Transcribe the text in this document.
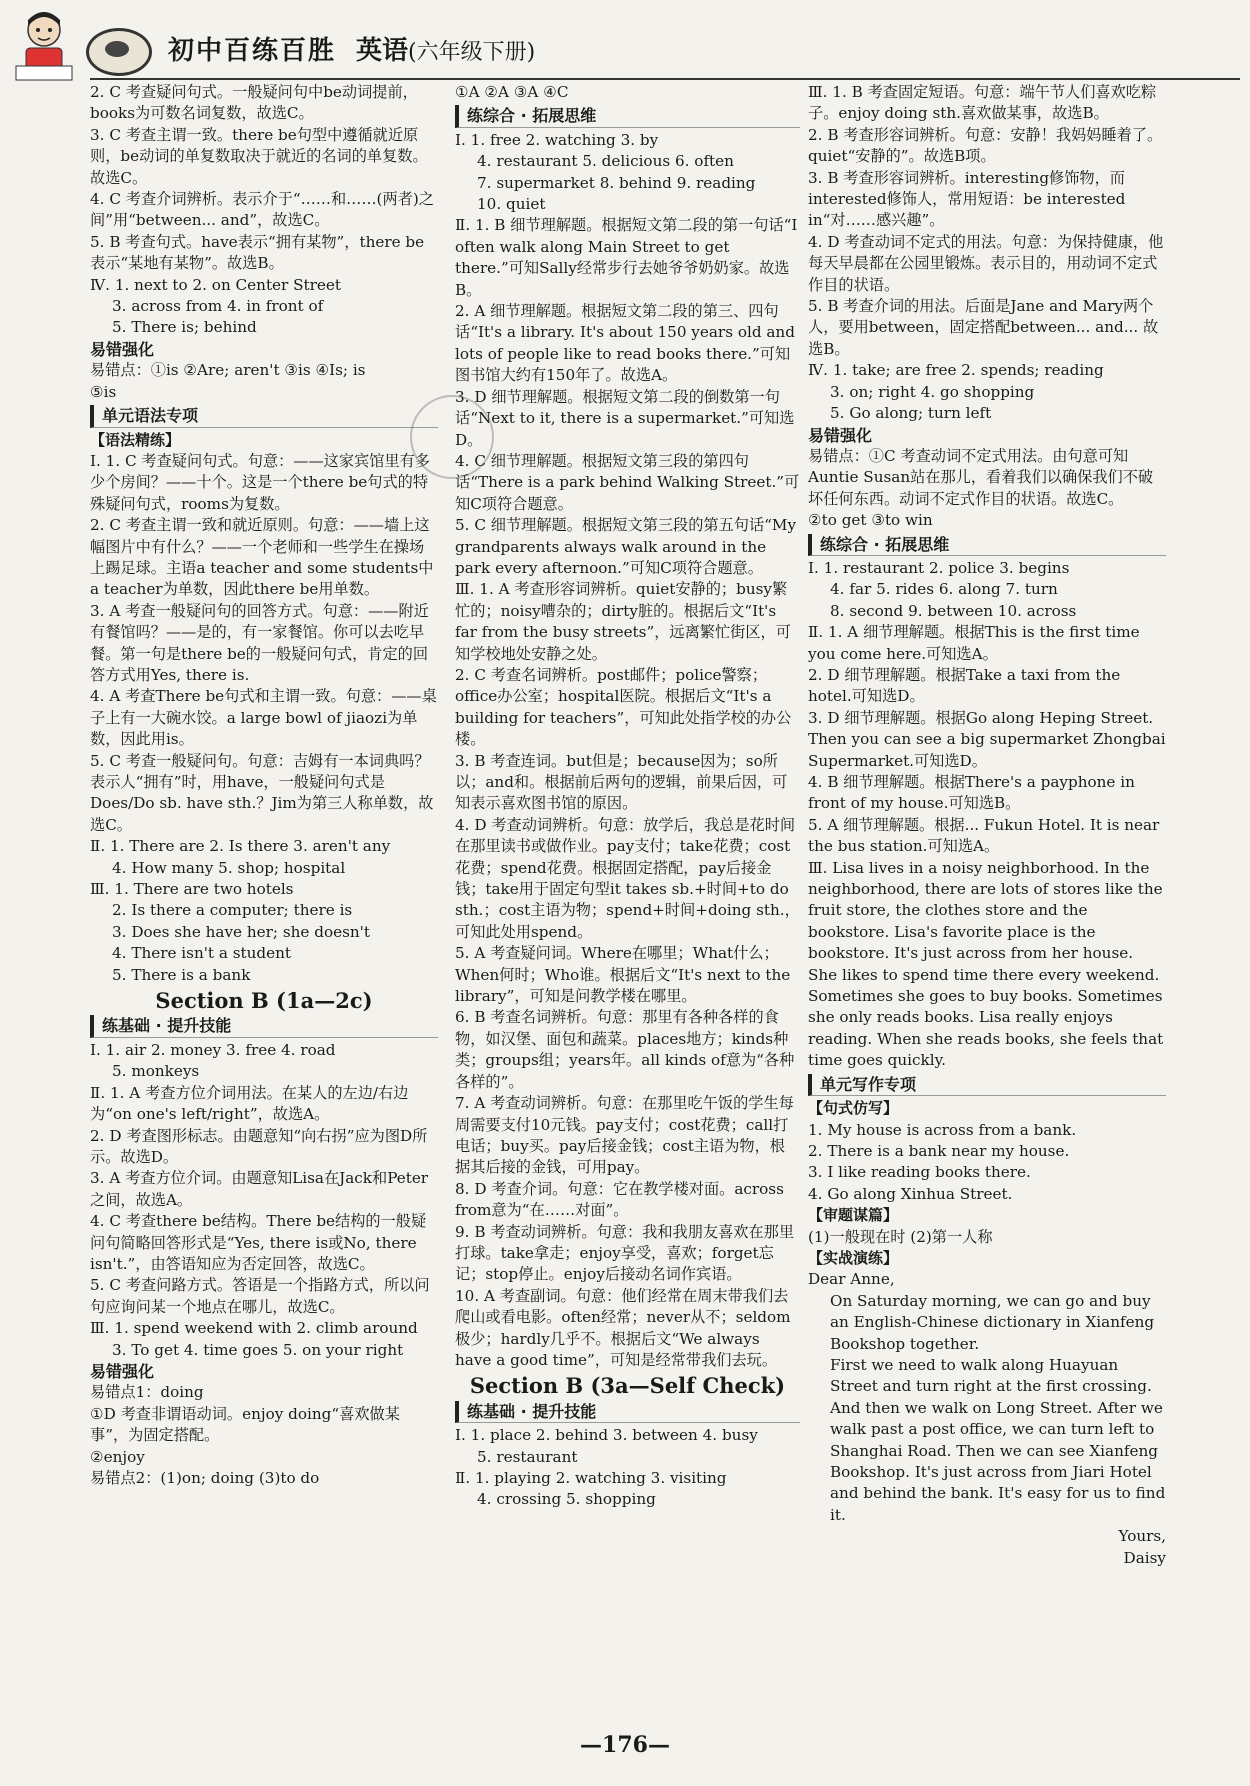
初中百练百胜 英语(六年级下册)

2. C 考查疑问句式。一般疑问句中be动词提前，books为可数名词复数，故选C。

3. C 考查主谓一致。there be句型中遵循就近原则，be动词的单复数取决于就近的名词的单复数。故选C。

4. C 考查介词辨析。表示介于“……和……(两者)之间”用“between... and”，故选C。

5. B 考查句式。have表示“拥有某物”，there be表示“某地有某物”。故选B。

Ⅳ. 1. next to 2. on Center Street

3. across from 4. in front of

5. There is; behind

易错强化

易错点：①is ②Are; aren't ③is ④Is; is

⑤is

单元语法专项

【语法精练】

Ⅰ. 1. C 考查疑问句式。句意：——这家宾馆里有多少个房间？——十个。这是一个there be句式的特殊疑问句式，rooms为复数。

2. C 考查主谓一致和就近原则。句意：——墙上这幅图片中有什么？——一个老师和一些学生在操场上踢足球。主语a teacher and some students中a teacher为单数，因此there be用单数。

3. A 考查一般疑问句的回答方式。句意：——附近有餐馆吗？——是的，有一家餐馆。你可以去吃早餐。第一句是there be的一般疑问句式，肯定的回答方式用Yes, there is.

4. A 考查There be句式和主谓一致。句意：——桌子上有一大碗水饺。a large bowl of jiaozi为单数，因此用is。

5. C 考查一般疑问句。句意：吉姆有一本词典吗？表示人“拥有”时，用have，一般疑问句式是Does/Do sb. have sth.？Jim为第三人称单数，故选C。

Ⅱ. 1. There are 2. Is there 3. aren't any

4. How many 5. shop; hospital

Ⅲ. 1. There are two hotels

2. Is there a computer; there is

3. Does she have her; she doesn't

4. There isn't a student

5. There is a bank

Section B (1a—2c)

练基础 · 提升技能

Ⅰ. 1. air 2. money 3. free 4. road

5. monkeys

Ⅱ. 1. A 考查方位介词用法。在某人的左边/右边为“on one's left/right”，故选A。

2. D 考查图形标志。由题意知“向右拐”应为图D所示。故选D。

3. A 考查方位介词。由题意知Lisa在Jack和Peter之间，故选A。

4. C 考查there be结构。There be结构的一般疑问句简略回答形式是“Yes, there is或No, there isn't.”，由答语知应为否定回答，故选C。

5. C 考查问路方式。答语是一个指路方式，所以问句应询问某一个地点在哪儿，故选C。

Ⅲ. 1. spend weekend with 2. climb around

3. To get 4. time goes 5. on your right

易错强化

易错点1：doing

①D 考查非谓语动词。enjoy doing“喜欢做某事”，为固定搭配。

②enjoy

易错点2：(1)on; doing (3)to do

①A ②A ③A ④C

练综合 · 拓展思维

Ⅰ. 1. free 2. watching 3. by

4. restaurant 5. delicious 6. often

7. supermarket 8. behind 9. reading

10. quiet

Ⅱ. 1. B 细节理解题。根据短文第二段的第一句话“I often walk along Main Street to get there.”可知Sally经常步行去她爷爷奶奶家。故选B。

2. A 细节理解题。根据短文第二段的第三、四句话“It's a library. It's about 150 years old and lots of people like to read books there.”可知图书馆大约有150年了。故选A。

3. D 细节理解题。根据短文第二段的倒数第一句话“Next to it, there is a supermarket.”可知选D。

4. C 细节理解题。根据短文第三段的第四句话“There is a park behind Walking Street.”可知C项符合题意。

5. C 细节理解题。根据短文第三段的第五句话“My grandparents always walk around in the park every afternoon.”可知C项符合题意。

Ⅲ. 1. A 考查形容词辨析。quiet安静的；busy繁忙的；noisy嘈杂的；dirty脏的。根据后文“It's far from the busy streets”，远离繁忙街区，可知学校地处安静之处。

2. C 考查名词辨析。post邮件；police警察；office办公室；hospital医院。根据后文“It's a building for teachers”，可知此处指学校的办公楼。

3. B 考查连词。but但是；because因为；so所以；and和。根据前后两句的逻辑，前果后因，可知表示喜欢图书馆的原因。

4. D 考查动词辨析。句意：放学后，我总是花时间在那里读书或做作业。pay支付；take花费；cost花费；spend花费。根据固定搭配，pay后接金钱；take用于固定句型it takes sb.+时间+to do sth.；cost主语为物；spend+时间+doing sth.，可知此处用spend。

5. A 考查疑问词。Where在哪里；What什么；When何时；Who谁。根据后文“It's next to the library”，可知是问教学楼在哪里。

6. B 考查名词辨析。句意：那里有各种各样的食物，如汉堡、面包和蔬菜。places地方；kinds种类；groups组；years年。all kinds of意为“各种各样的”。

7. A 考查动词辨析。句意：在那里吃午饭的学生每周需要支付10元钱。pay支付；cost花费；call打电话；buy买。pay后接金钱；cost主语为物，根据其后接的金钱，可用pay。

8. D 考查介词。句意：它在教学楼对面。across from意为“在……对面”。

9. B 考查动词辨析。句意：我和我朋友喜欢在那里打球。take拿走；enjoy享受，喜欢；forget忘记；stop停止。enjoy后接动名词作宾语。

10. A 考查副词。句意：他们经常在周末带我们去爬山或看电影。often经常；never从不；seldom极少；hardly几乎不。根据后文“We always have a good time”，可知是经常带我们去玩。

Section B (3a—Self Check)

练基础 · 提升技能

Ⅰ. 1. place 2. behind 3. between 4. busy

5. restaurant

Ⅱ. 1. playing 2. watching 3. visiting

4. crossing 5. shopping

Ⅲ. 1. B 考查固定短语。句意：端午节人们喜欢吃粽子。enjoy doing sth.喜欢做某事，故选B。

2. B 考查形容词辨析。句意：安静！我妈妈睡着了。quiet“安静的”。故选B项。

3. B 考查形容词辨析。interesting修饰物，而interested修饰人，常用短语：be interested in“对……感兴趣”。

4. D 考查动词不定式的用法。句意：为保持健康，他每天早晨都在公园里锻炼。表示目的，用动词不定式作目的状语。

5. B 考查介词的用法。后面是Jane and Mary两个人，要用between，固定搭配between... and... 故选B。

Ⅳ. 1. take; are free 2. spends; reading

3. on; right 4. go shopping

5. Go along; turn left

易错强化

易错点：①C 考查动词不定式用法。由句意可知Auntie Susan站在那儿，看着我们以确保我们不破坏任何东西。动词不定式作目的状语。故选C。

②to get ③to win

练综合 · 拓展思维

Ⅰ. 1. restaurant 2. police 3. begins

4. far 5. rides 6. along 7. turn

8. second 9. between 10. across

Ⅱ. 1. A 细节理解题。根据This is the first time you come here.可知选A。

2. D 细节理解题。根据Take a taxi from the hotel.可知选D。

3. D 细节理解题。根据Go along Heping Street. Then you can see a big supermarket Zhongbai Supermarket.可知选D。

4. B 细节理解题。根据There's a payphone in front of my house.可知选B。

5. A 细节理解题。根据... Fukun Hotel. It is near the bus station.可知选A。

Ⅲ. Lisa lives in a noisy neighborhood. In the neighborhood, there are lots of stores like the fruit store, the clothes store and the bookstore. Lisa's favorite place is the bookstore. It's just across from her house. She likes to spend time there every weekend. Sometimes she goes to buy books. Sometimes she only reads books. Lisa really enjoys reading. When she reads books, she feels that time goes quickly.

单元写作专项

【句式仿写】

1. My house is across from a bank.

2. There is a bank near my house.

3. I like reading books there.

4. Go along Xinhua Street.

【审题谋篇】

(1)一般现在时 (2)第一人称

【实战演练】

Dear Anne,

On Saturday morning, we can go and buy an English-Chinese dictionary in Xianfeng Bookshop together.

First we need to walk along Huayuan Street and turn right at the first crossing. And then we walk on Long Street. After we walk past a post office, we can turn left to Shanghai Road. Then we can see Xianfeng Bookshop. It's just across from Jiari Hotel and behind the bank. It's easy for us to find it.

Yours,

Daisy

—176—
